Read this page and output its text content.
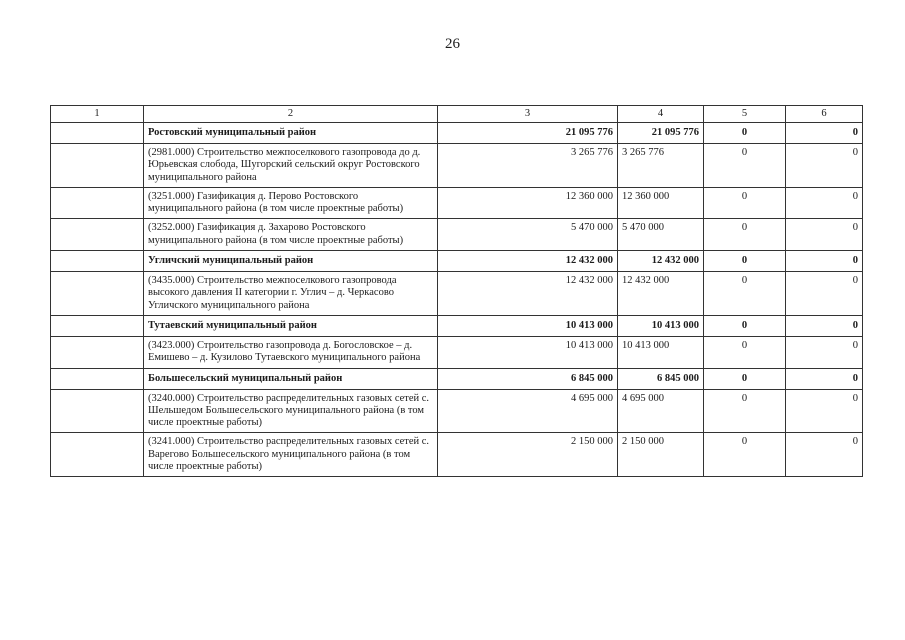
26
1	2	3	4	5	6
	Ростовский муниципальный район	21 095 776	21 095 776	0	0
	(2981.000) Строительство межпоселкового газопровода до д. Юрьевская слобода, Шугорский сельский округ Ростовского муниципального района	3 265 776	3 265 776	0	0
	(3251.000) Газификация д. Перово Ростовского муниципального района (в том числе проектные работы)	12 360 000	12 360 000	0	0
	(3252.000) Газификация д. Захарово Ростовского муниципального района (в том числе проектные работы)	5 470 000	5 470 000	0	0
	Угличский муниципальный район	12 432 000	12 432 000	0	0
	(3435.000) Строительство межпоселкового газопровода высокого давления II категории г. Углич – д. Черкасово Угличского муниципального района	12 432 000	12 432 000	0	0
	Тутаевский муниципальный район	10 413 000	10 413 000	0	0
	(3423.000) Строительство газопровода д. Богословское – д. Емишево – д. Кузилово Тутаевского муниципального района	10 413 000	10 413 000	0	0
	Большесельский муниципальный район	6 845 000	6 845 000	0	0
	(3240.000) Строительство распределительных газовых сетей с. Шельшедом Большесельского муниципального района (в том числе проектные работы)	4 695 000	4 695 000	0	0
	(3241.000) Строительство распределительных газовых сетей с. Варегово Большесельского муниципального района (в том числе проектные работы)	2 150 000	2 150 000	0	0
